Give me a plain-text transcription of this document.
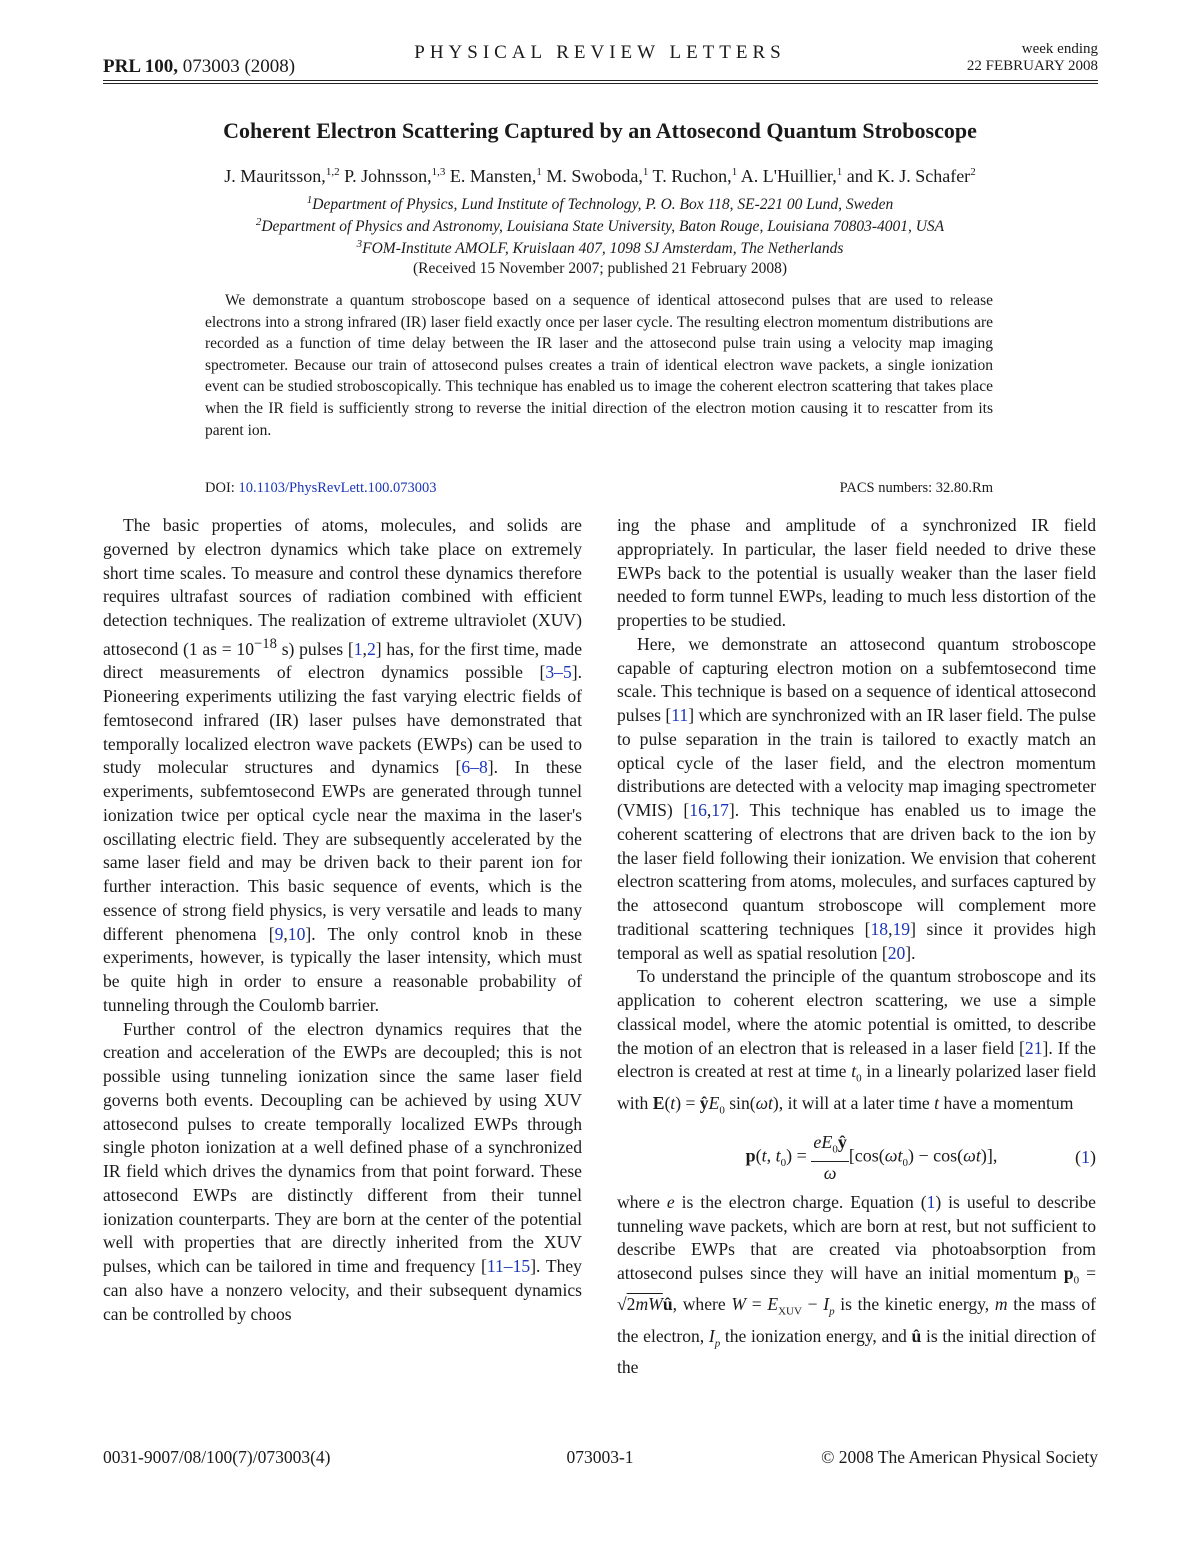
PRL 100, 073003 (2008)
PHYSICAL REVIEW LETTERS	week ending
22 FEBRUARY 2008
Coherent Electron Scattering Captured by an Attosecond Quantum Stroboscope
J. Mauritsson,$^{1,2}$ P. Johnsson,$^{1,3}$ E. Mansten,$^1$ M. Swoboda,$^1$ T. Ruchon,$^1$ A. L'Huillier,$^1$ and K. J. Schafer$^2$
$^1$Department of Physics, Lund Institute of Technology, P. O. Box 118, SE-221 00 Lund, Sweden
$^2$Department of Physics and Astronomy, Louisiana State University, Baton Rouge, Louisiana 70803-4001, USA
$^3$FOM-Institute AMOLF, Kruislaan 407, 1098 SJ Amsterdam, The Netherlands
(Received 15 November 2007; published 21 February 2008)
We demonstrate a quantum stroboscope based on a sequence of identical attosecond pulses that are used to release electrons into a strong infrared (IR) laser field exactly once per laser cycle. The resulting electron momentum distributions are recorded as a function of time delay between the IR laser and the attosecond pulse train using a velocity map imaging spectrometer. Because our train of attosecond pulses creates a train of identical electron wave packets, a single ionization event can be studied stroboscopically. This technique has enabled us to image the coherent electron scattering that takes place when the IR field is sufficiently strong to reverse the initial direction of the electron motion causing it to rescatter from its parent ion.
DOI: 10.1103/PhysRevLett.100.073003	PACS numbers: 32.80.Rm

The basic properties of atoms, molecules, and solids are governed by electron dynamics which take place on extremely short time scales. To measure and control these dynamics therefore requires ultrafast sources of radiation combined with efficient detection techniques. The realization of extreme ultraviolet (XUV) attosecond (1 as = $10^{-18}$ s) pulses [1,2] has, for the first time, made direct measurements of electron dynamics possible [3–5]. Pioneering experiments utilizing the fast varying electric fields of femtosecond infrared (IR) laser pulses have demonstrated that temporally localized electron wave packets (EWPs) can be used to study molecular structures and dynamics [6–8]. In these experiments, subfemtosecond EWPs are generated through tunnel ionization twice per optical cycle near the maxima in the laser's oscillating electric field. They are subsequently accelerated by the same laser field and may be driven back to their parent ion for further interaction. This basic sequence of events, which is the essence of strong field physics, is very versatile and leads to many different phenomena [9,10]. The only control knob in these experiments, however, is typically the laser intensity, which must be quite high in order to ensure a reasonable probability of tunneling through the Coulomb barrier.

Further control of the electron dynamics requires that the creation and acceleration of the EWPs are decoupled; this is not possible using tunneling ionization since the same laser field governs both events. Decoupling can be achieved by using XUV attosecond pulses to create temporally localized EWPs through single photon ionization at a well defined phase of a synchronized IR field which drives the dynamics from that point forward. These attosecond EWPs are distinctly different from their tunnel ionization counterparts. They are born at the center of the potential well with properties that are directly inherited from the XUV pulses, which can be tailored in time and frequency [11–15]. They can also have a nonzero velocity, and their subsequent dynamics can be controlled by choos

ing the phase and amplitude of a synchronized IR field appropriately. In particular, the laser field needed to drive these EWPs back to the potential is usually weaker than the laser field needed to form tunnel EWPs, leading to much less distortion of the properties to be studied.

Here, we demonstrate an attosecond quantum stroboscope capable of capturing electron motion on a subfemtosecond time scale. This technique is based on a sequence of identical attosecond pulses [11] which are synchronized with an IR laser field. The pulse to pulse separation in the train is tailored to exactly match an optical cycle of the laser field, and the electron momentum distributions are detected with a velocity map imaging spectrometer (VMIS) [16,17]. This technique has enabled us to image the coherent scattering of electrons that are driven back to the ion by the laser field following their ionization. We envision that coherent electron scattering from atoms, molecules, and surfaces captured by the attosecond quantum stroboscope will complement more traditional scattering techniques [18,19] since it provides high temporal as well as spatial resolution [20].

To understand the principle of the quantum stroboscope and its application to coherent electron scattering, we use a simple classical model, where the atomic potential is omitted, to describe the motion of an electron that is released in a laser field [21]. If the electron is created at rest at time $t_0$ in a linearly polarized laser field with $E(t) = ŷE_0$ sin(ωt), it will at a later time t have a momentum

p(t, $t_0) = \frac{eE_0ŷ}{\omega} [\cos(\omega t_0) - \cos(\omega t)]$,	(1)

where e is the electron charge. Equation (1) is useful to describe tunneling wave packets, which are born at rest, but not sufficient to describe EWPs that are created via photoabsorption from attosecond pulses since they will have an initial momentum $p_0$ = √2mWû, where $W = E_{XUV} - I_p$ is the kinetic energy, m the mass of the electron, $I_p$ the ionization energy, and û is the initial direction of the

0031-9007/08/100(7)/073003(4)	073003-1	© 2008 The American Physical Society
